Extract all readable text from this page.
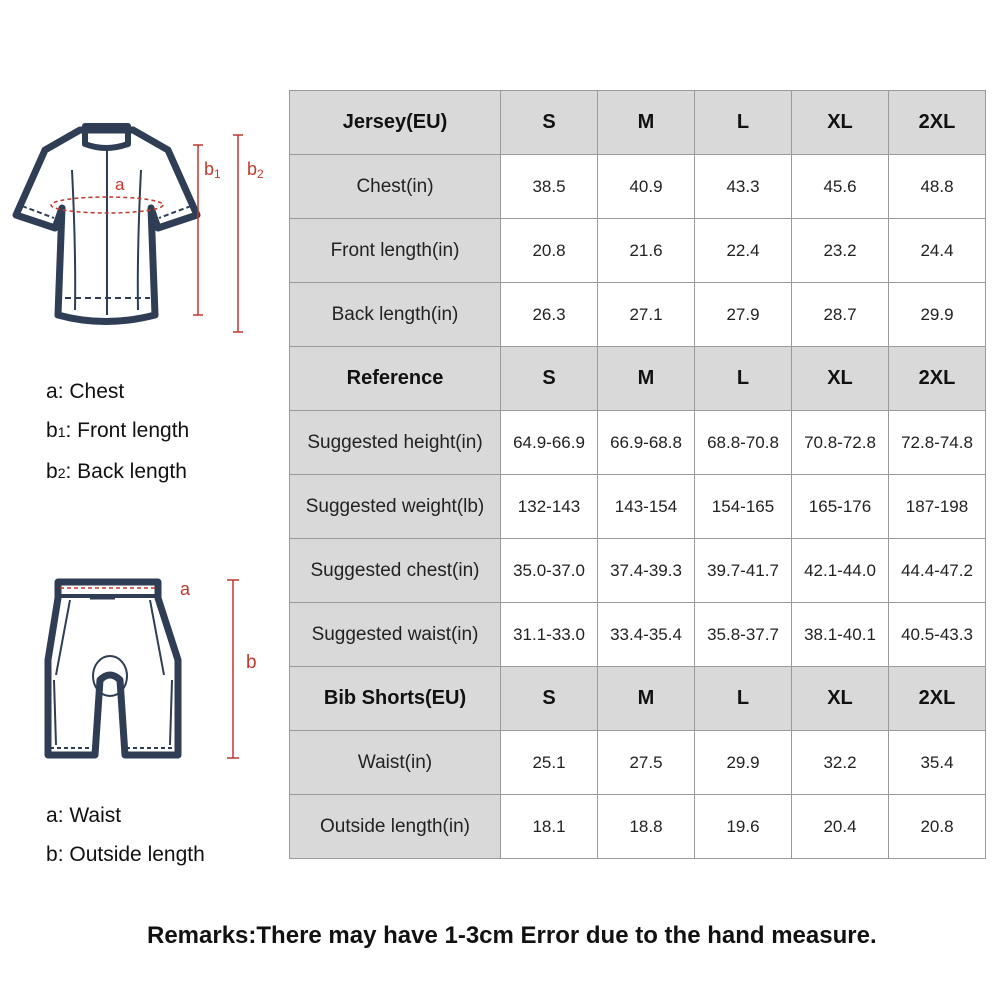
a
b1 b2
a: Chest
b1: Front length
b2: Back length
a
b
a: Waist
b: Outside length
Jersey(EU)	S	M	L	XL	2XL
Chest(in)	38.5	40.9	43.3	45.6	48.8
Front length(in)	20.8	21.6	22.4	23.2	24.4
Back length(in)	26.3	27.1	27.9	28.7	29.9
Reference	S	M	L	XL	2XL
Suggested height(in)	64.9-66.9	66.9-68.8	68.8-70.8	70.8-72.8	72.8-74.8
Suggested weight(lb)	132-143	143-154	154-165	165-176	187-198
Suggested chest(in)	35.0-37.0	37.4-39.3	39.7-41.7	42.1-44.0	44.4-47.2
Suggested waist(in)	31.1-33.0	33.4-35.4	35.8-37.7	38.1-40.1	40.5-43.3
Bib Shorts(EU)	S	M	L	XL	2XL
Waist(in)	25.1	27.5	29.9	32.2	35.4
Outside length(in)	18.1	18.8	19.6	20.4	20.8
Remarks:There may have 1-3cm Error due to the hand measure.
